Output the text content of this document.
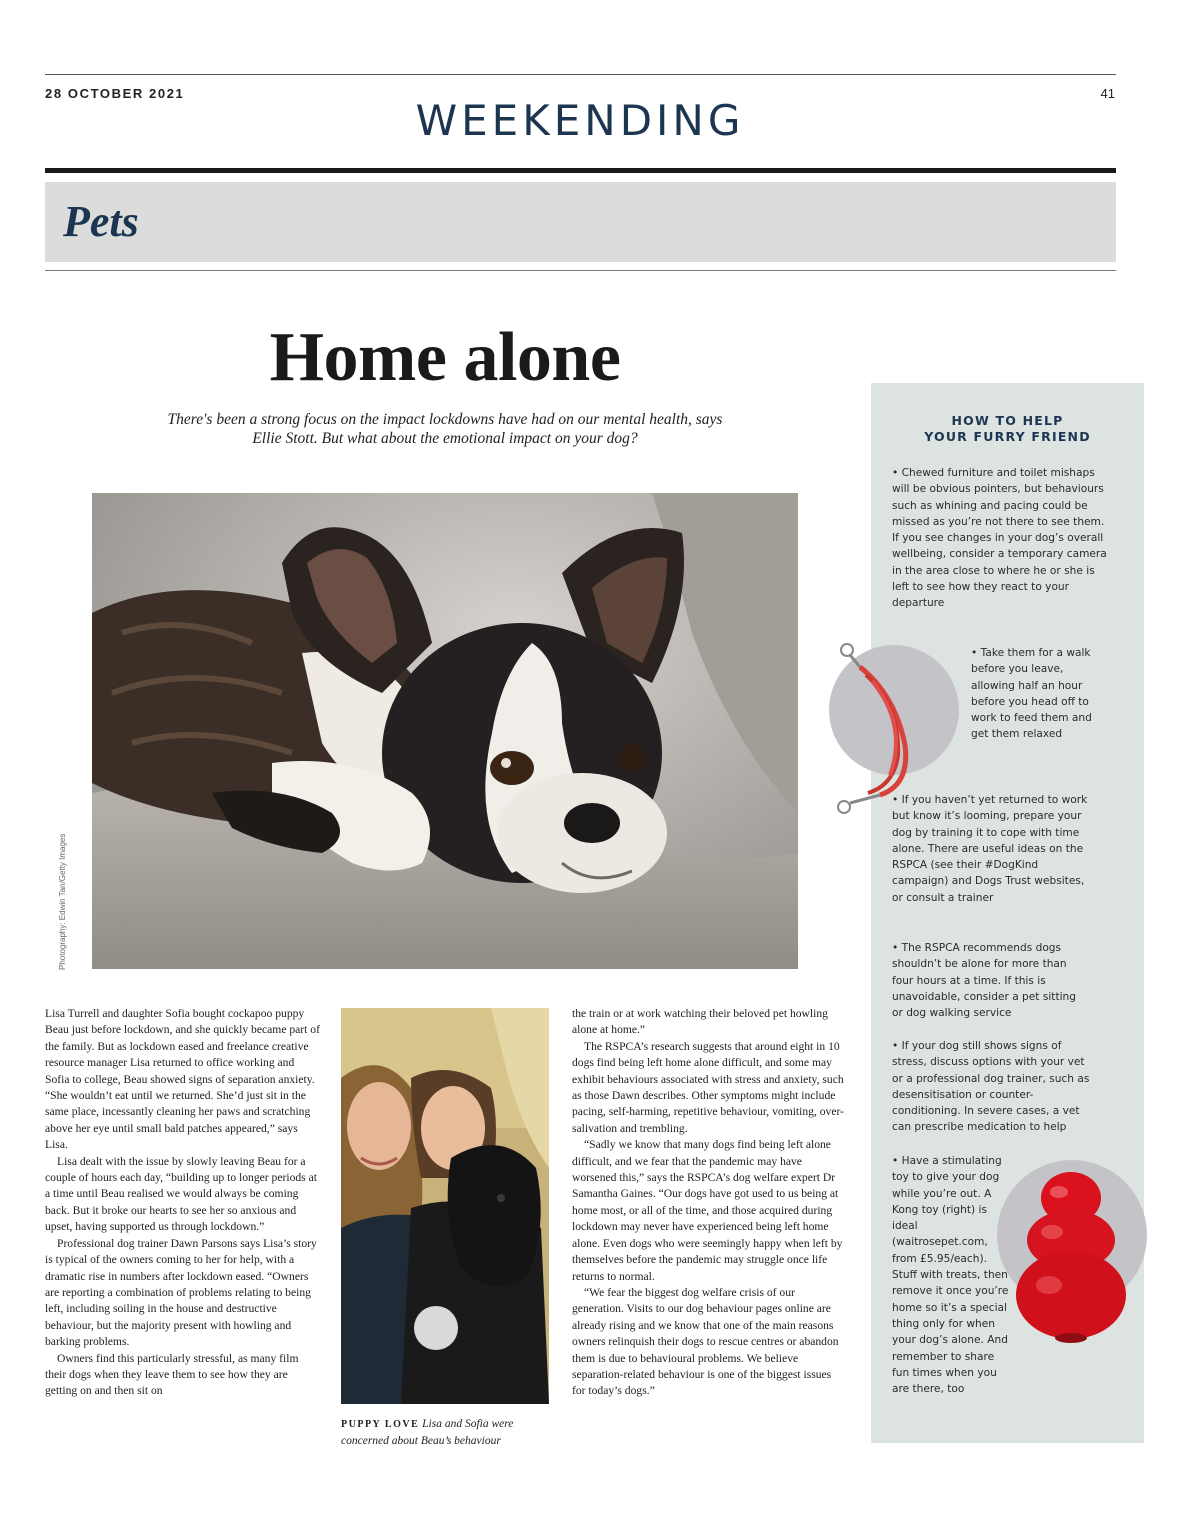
28 OCTOBER 2021
WEEKENDING
41
Pets
Home alone

There's been a strong focus on the impact lockdowns have had on our mental health, says Ellie Stott. But what about the emotional impact on your dog?

Photography: Edwin Tan/Getty Images

Lisa Turrell and daughter Sofia bought cockapoo puppy Beau just before lockdown, and she quickly became part of the family. But as lockdown eased and freelance creative resource manager Lisa returned to office working and Sofia to college, Beau showed signs of separation anxiety. “She wouldn’t eat until we returned. She’d just sit in the same place, incessantly cleaning her paws and scratching above her eye until small bald patches appeared,” says Lisa.

Lisa dealt with the issue by slowly leaving Beau for a couple of hours each day, “building up to longer periods at a time until Beau realised we would always be coming back. But it broke our hearts to see her so anxious and upset, having supported us through lockdown.”

Professional dog trainer Dawn Parsons says Lisa’s story is typical of the owners coming to her for help, with a dramatic rise in numbers after lockdown eased. “Owners are reporting a combination of problems relating to being left, including soiling in the house and destructive behaviour, but the majority present with howling and barking problems.

Owners find this particularly stressful, as many film their dogs when they leave them to see how they are getting on and then sit on

PUPPY LOVE Lisa and Sofia were concerned about Beau’s behaviour

the train or at work watching their beloved pet howling alone at home.”

The RSPCA’s research suggests that around eight in 10 dogs find being left home alone difficult, and some may exhibit behaviours associated with stress and anxiety, such as those Dawn describes. Other symptoms might include pacing, self-harming, repetitive behaviour, vomiting, over-salivation and trembling.

“Sadly we know that many dogs find being left alone difficult, and we fear that the pandemic may have worsened this,” says the RSPCA’s dog welfare expert Dr Samantha Gaines. “Our dogs have got used to us being at home most, or all of the time, and those acquired during lockdown may never have experienced being left home alone. Even dogs who were seemingly happy when left by themselves before the pandemic may struggle once life returns to normal.

“We fear the biggest dog welfare crisis of our generation. Visits to our dog behaviour pages online are already rising and we know that one of the main reasons owners relinquish their dogs to rescue centres or abandon them is due to behavioural problems. We believe separation-related behaviour is one of the biggest issues for today’s dogs.”

HOW TO HELP
YOUR FURRY FRIEND
• Chewed furniture and toilet mishaps will be obvious pointers, but behaviours such as whining and pacing could be missed as you’re not there to see them. If you see changes in your dog’s overall wellbeing, consider a temporary camera in the area close to where he or she is left to see how they react to your departure
• Take them for a walk before you leave, allowing half an hour before you head off to work to feed them and get them relaxed
• If you haven’t yet returned to work but know it’s looming, prepare your dog by training it to cope with time alone. There are useful ideas on the RSPCA (see their #DogKind campaign) and Dogs Trust websites, or consult a trainer
• The RSPCA recommends dogs shouldn’t be alone for more than four hours at a time. If this is unavoidable, consider a pet sitting or dog walking service
• If your dog still shows signs of stress, discuss options with your vet or a professional dog trainer, such as desensitisation or counter-conditioning. In severe cases, a vet can prescribe medication to help
• Have a stimulating toy to give your dog while you’re out. A Kong toy (right) is ideal (waitrosepet.com, from £5.95/each). Stuff with treats, then remove it once you’re home so it’s a special thing only for when your dog’s alone. And remember to share fun times when you are there, too
